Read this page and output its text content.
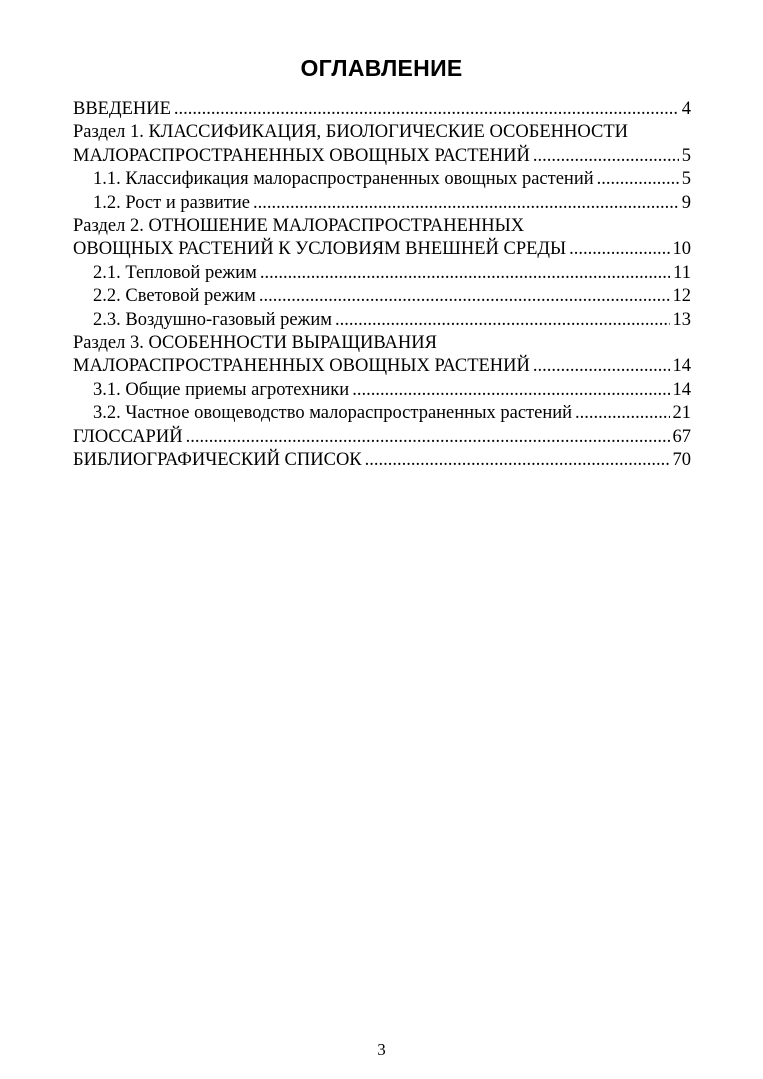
ОГЛАВЛЕНИЕ
ВВЕДЕНИЕ .....	4
Раздел 1. КЛАССИФИКАЦИЯ, БИОЛОГИЧЕСКИЕ ОСОБЕННОСТИ
МАЛОРАСПРОСТРАНЕННЫХ ОВОЩНЫХ РАСТЕНИЙ .....	5
1.1. Классификация малораспространенных овощных растений .....	5
1.2. Рост и развитие .....	9
Раздел 2. ОТНОШЕНИЕ МАЛОРАСПРОСТРАНЕННЫХ
ОВОЩНЫХ РАСТЕНИЙ К УСЛОВИЯМ ВНЕШНЕЙ СРЕДЫ .....	10
2.1. Тепловой режим .....	11
2.2. Световой режим .....	12
2.3. Воздушно-газовый режим .....	13
Раздел 3. ОСОБЕННОСТИ ВЫРАЩИВАНИЯ
МАЛОРАСПРОСТРАНЕННЫХ ОВОЩНЫХ РАСТЕНИЙ .....	14
3.1. Общие приемы агротехники .....	14
3.2. Частное овощеводство малораспространенных растений .....	21
ГЛОССАРИЙ .....	67
БИБЛИОГРАФИЧЕСКИЙ СПИСОК .....	70
3
